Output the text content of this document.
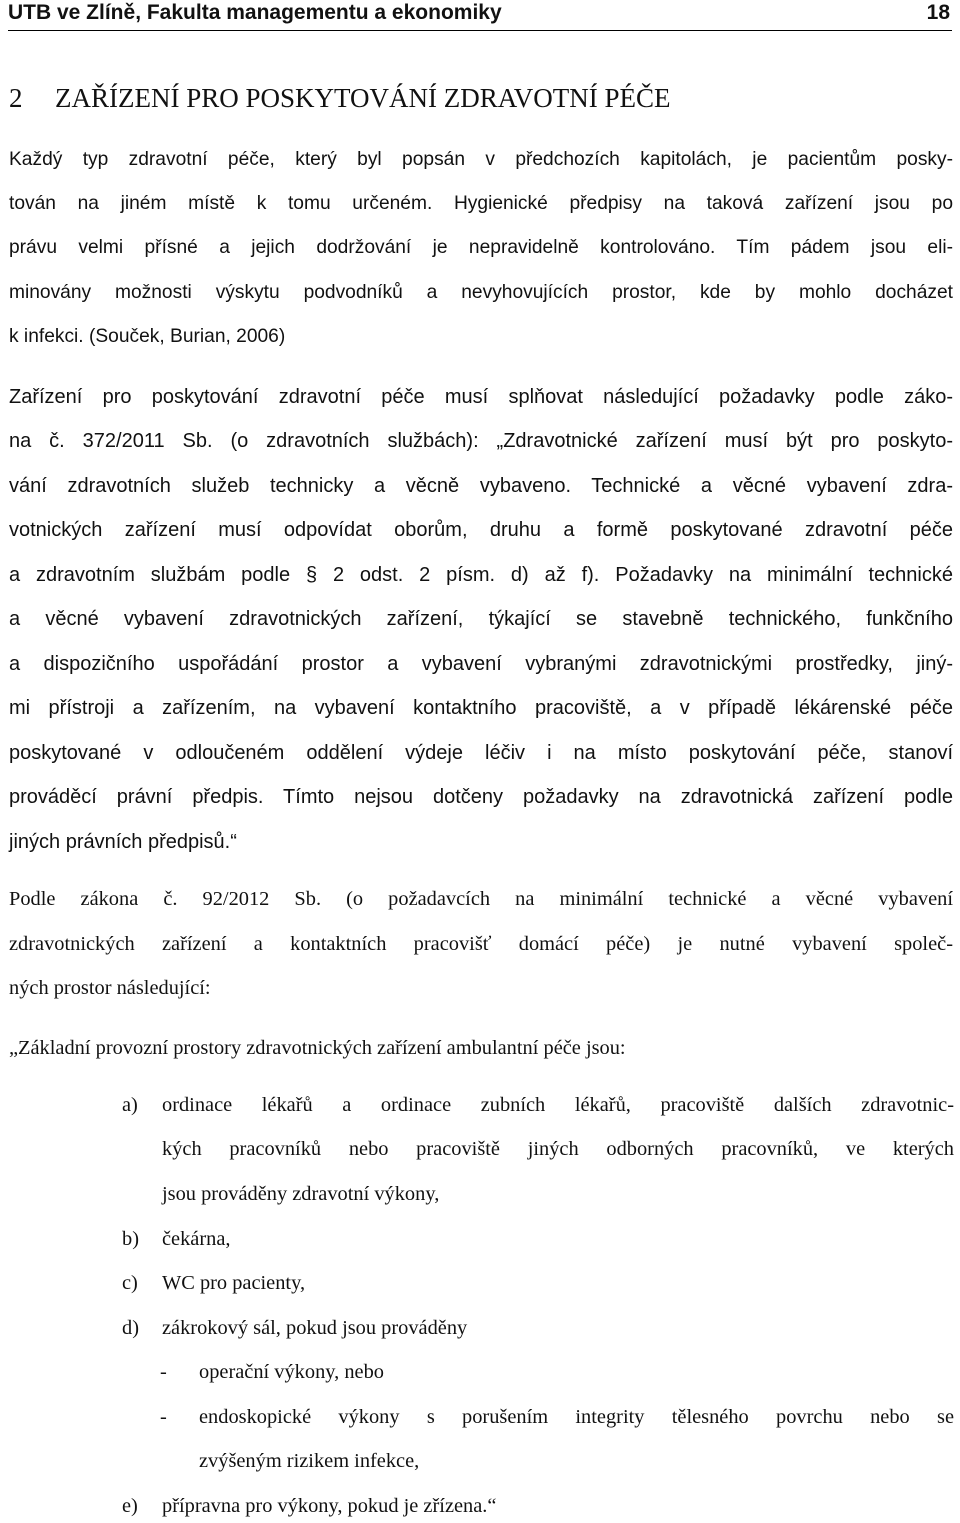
UTB ve Zlíně, Fakulta managementu a ekonomiky	18
2 ZAŘÍZENÍ PRO POSKYTOVÁNÍ ZDRAVOTNÍ PÉČE
Každý typ zdravotní péče, který byl popsán v předchozích kapitolách, je pacientům posky-
tován na jiném místě k tomu určeném. Hygienické předpisy na taková zařízení jsou po
právu velmi přísné a jejich dodržování je nepravidelně kontrolováno. Tím pádem jsou eli-
minovány možnosti výskytu podvodníků a nevyhovujících prostor, kde by mohlo docházet
k infekci. (Souček, Burian, 2006)
Zařízení pro poskytování zdravotní péče musí splňovat následující požadavky podle záko-
na č. 372/2011 Sb. (o zdravotních službách): „Zdravotnické zařízení musí být pro poskyto-
vání zdravotních služeb technicky a věcně vybaveno. Technické a věcné vybavení zdra-
votnických zařízení musí odpovídat oborům, druhu a formě poskytované zdravotní péče
a zdravotním službám podle § 2 odst. 2 písm. d) až f). Požadavky na minimální technické
a věcné vybavení zdravotnických zařízení, týkající se stavebně technického, funkčního
a dispozičního uspořádání prostor a vybavení vybranými zdravotnickými prostředky, jiný-
mi přístroji a zařízením, na vybavení kontaktního pracoviště, a v případě lékárenské péče
poskytované v odloučeném oddělení výdeje léčiv i na místo poskytování péče, stanoví
prováděcí právní předpis. Tímto nejsou dotčeny požadavky na zdravotnická zařízení podle
jiných právních předpisů.“
Podle zákona č. 92/2012 Sb. (o požadavcích na minimální technické a věcné vybavení
zdravotnických zařízení a kontaktních pracovišť domácí péče) je nutné vybavení společ-
ných prostor následující:
„Základní provozní prostory zdravotnických zařízení ambulantní péče jsou:
a) ordinace lékařů a ordinace zubních lékařů, pracoviště dalších zdravotnic-
kých pracovníků nebo pracoviště jiných odborných pracovníků, ve kterých
jsou prováděny zdravotní výkony,
b) čekárna,
c) WC pro pacienty,
d) zákrokový sál, pokud jsou prováděny
- operační výkony, nebo
- endoskopické výkony s porušením integrity tělesného povrchu nebo se
zvýšeným rizikem infekce,
e) přípravna pro výkony, pokud je zřízena.“
